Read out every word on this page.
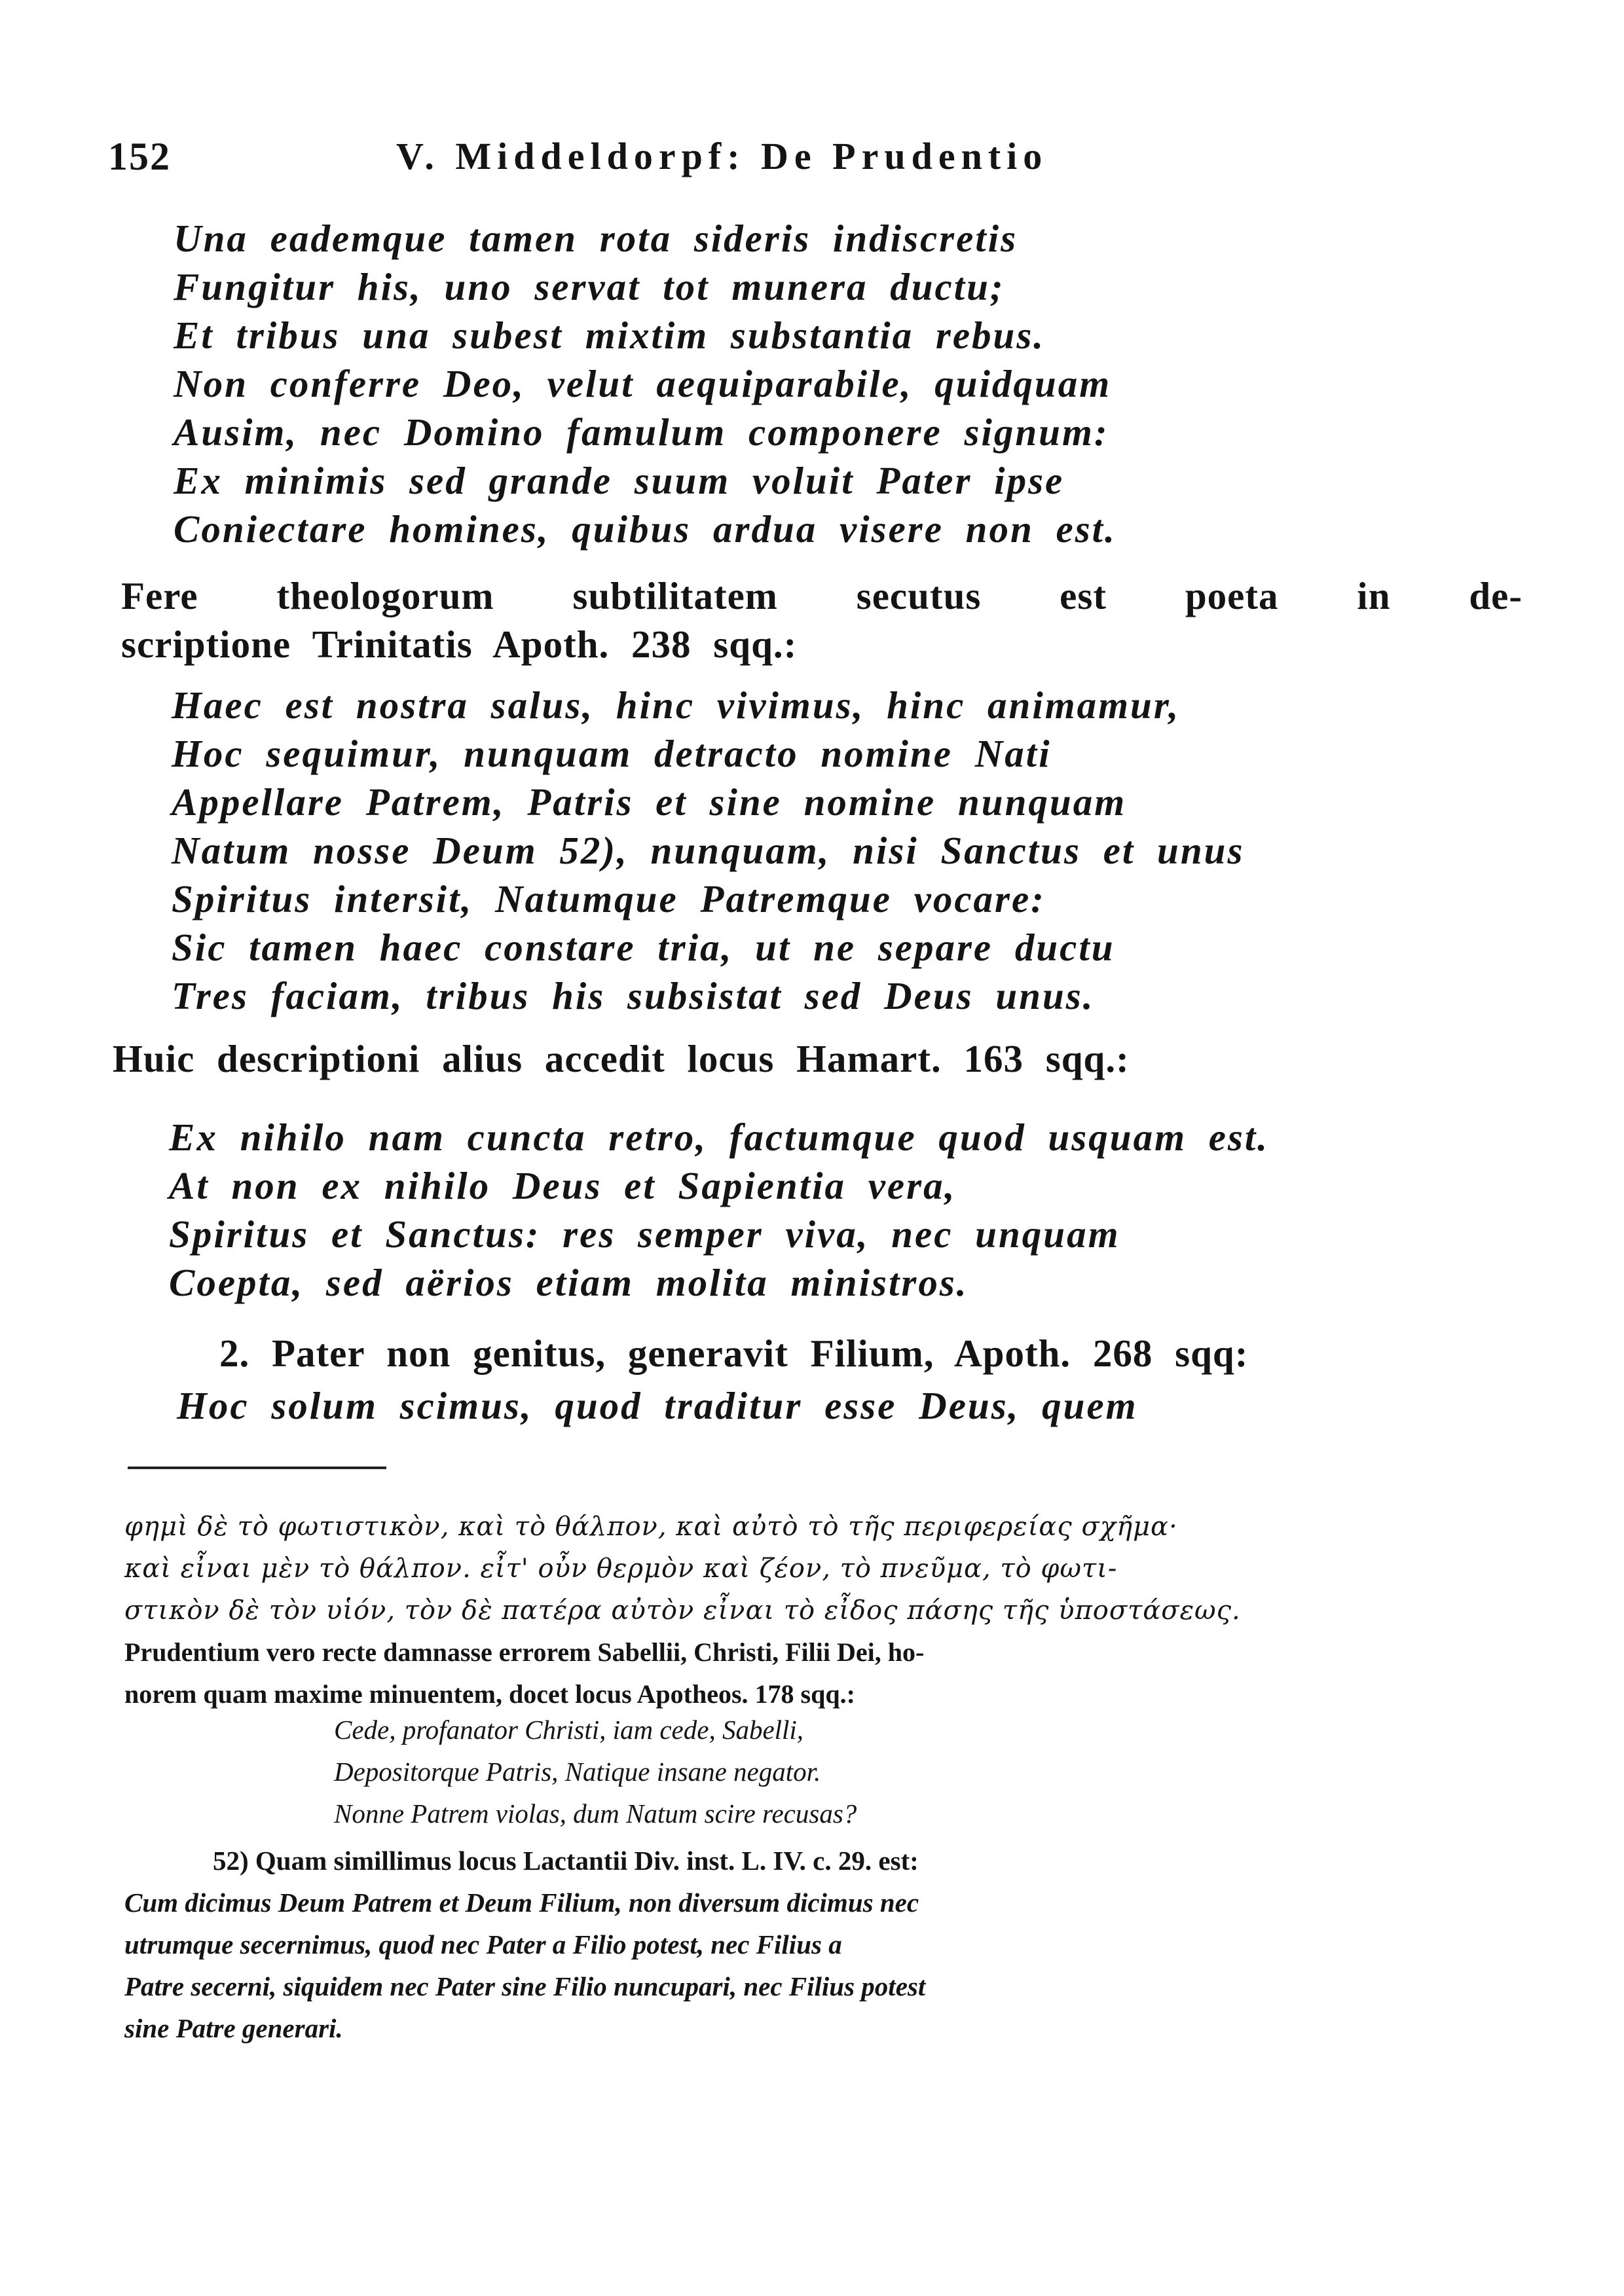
152	V. Middeldorpf: De Prudentio
Una eademque tamen rota sideris indiscretis
Fungitur his, uno servat tot munera ductu;
Et tribus una subest mixtim substantia rebus.
Non conferre Deo, velut aequiparabile, quidquam
Ausim, nec Domino famulum componere signum:
Ex minimis sed grande suum voluit Pater ipse
Coniectare homines, quibus ardua visere non est.
Fere theologorum subtilitatem secutus est poeta in de-
scriptione Trinitatis Apoth. 238 sqq.:
Haec est nostra salus, hinc vivimus, hinc animamur,
Hoc sequimur, nunquam detracto nomine Nati
Appellare Patrem, Patris et sine nomine nunquam
Natum nosse Deum 52), nunquam, nisi Sanctus et unus
Spiritus intersit, Natumque Patremque vocare:
Sic tamen haec constare tria, ut ne separe ductu
Tres faciam, tribus his subsistat sed Deus unus.
Huic descriptioni alius accedit locus Hamart. 163 sqq.:
Ex nihilo nam cuncta retro, factumque quod usquam est.
At non ex nihilo Deus et Sapientia vera,
Spiritus et Sanctus: res semper viva, nec unquam
Coepta, sed aërios etiam molita ministros.
2. Pater non genitus, generavit Filium, Apoth. 268 sqq:
Hoc solum scimus, quod traditur esse Deus, quem
φημὶ δὲ τὸ φωτιστικὸν, καὶ τὸ θάλπον, καὶ αὐτὸ τὸ τῆς περιφερείας σχῆμα·
καὶ εἶναι μὲν τὸ θάλπον. εἶτ' οὖν θερμὸν καὶ ζέον, τὸ πνεῦμα, τὸ φωτι-
στικὸν δὲ τὸν υἱόν, τὸν δὲ πατέρα αὐτὸν εἶναι τὸ εἶδος πάσης τῆς ὑποστάσεως.
Prudentium vero recte damnasse errorem Sabellii, Christi, Filii Dei, ho-
norem quam maxime minuentem, docet locus Apotheos. 178 sqq.:
Cede, profanator Christi, iam cede, Sabelli,
Depositorque Patris, Natique insane negator.
Nonne Patrem violas, dum Natum scire recusas?
52) Quam simillimus locus Lactantii Div. inst. L. IV. c. 29. est:
Cum dicimus Deum Patrem et Deum Filium, non diversum dicimus nec
utrumque secernimus, quod nec Pater a Filio potest, nec Filius a
Patre secerni, siquidem nec Pater sine Filio nuncupari, nec Filius potest
sine Patre generari.
